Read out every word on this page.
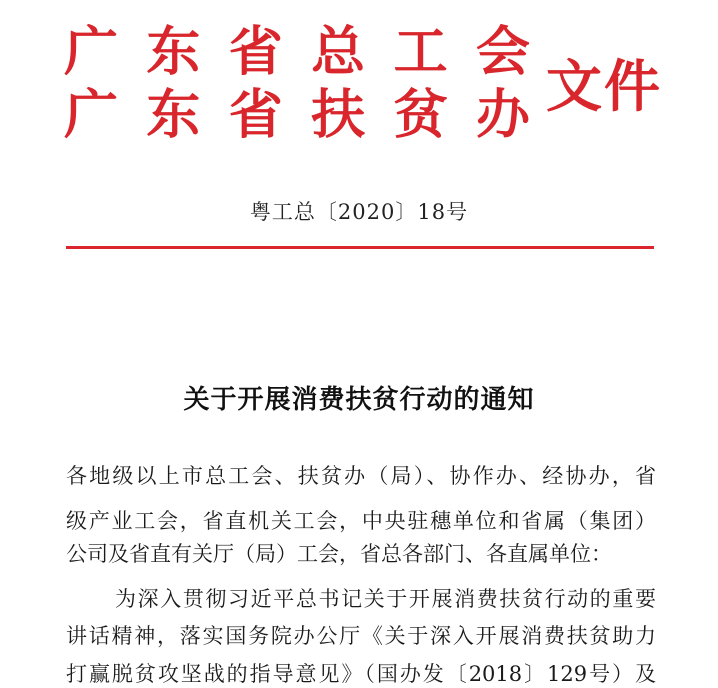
广 东 省 总 工 会
广 东 省 扶 贫 办 文件
粤工总〔2020〕18号
关于开展消费扶贫行动的通知
各地级以上市总工会、扶贫办（局）、协作办、经协办，省
级产业工会，省直机关工会，中央驻穗单位和省属（集团）
公司及省直有关厅（局）工会，省总各部门、各直属单位：
为深入贯彻习近平总书记关于开展消费扶贫行动的重要
讲话精神，落实国务院办公厅《关于深入开展消费扶贫助力
打赢脱贫攻坚战的指导意见》（国办发〔2018〕129号）及
